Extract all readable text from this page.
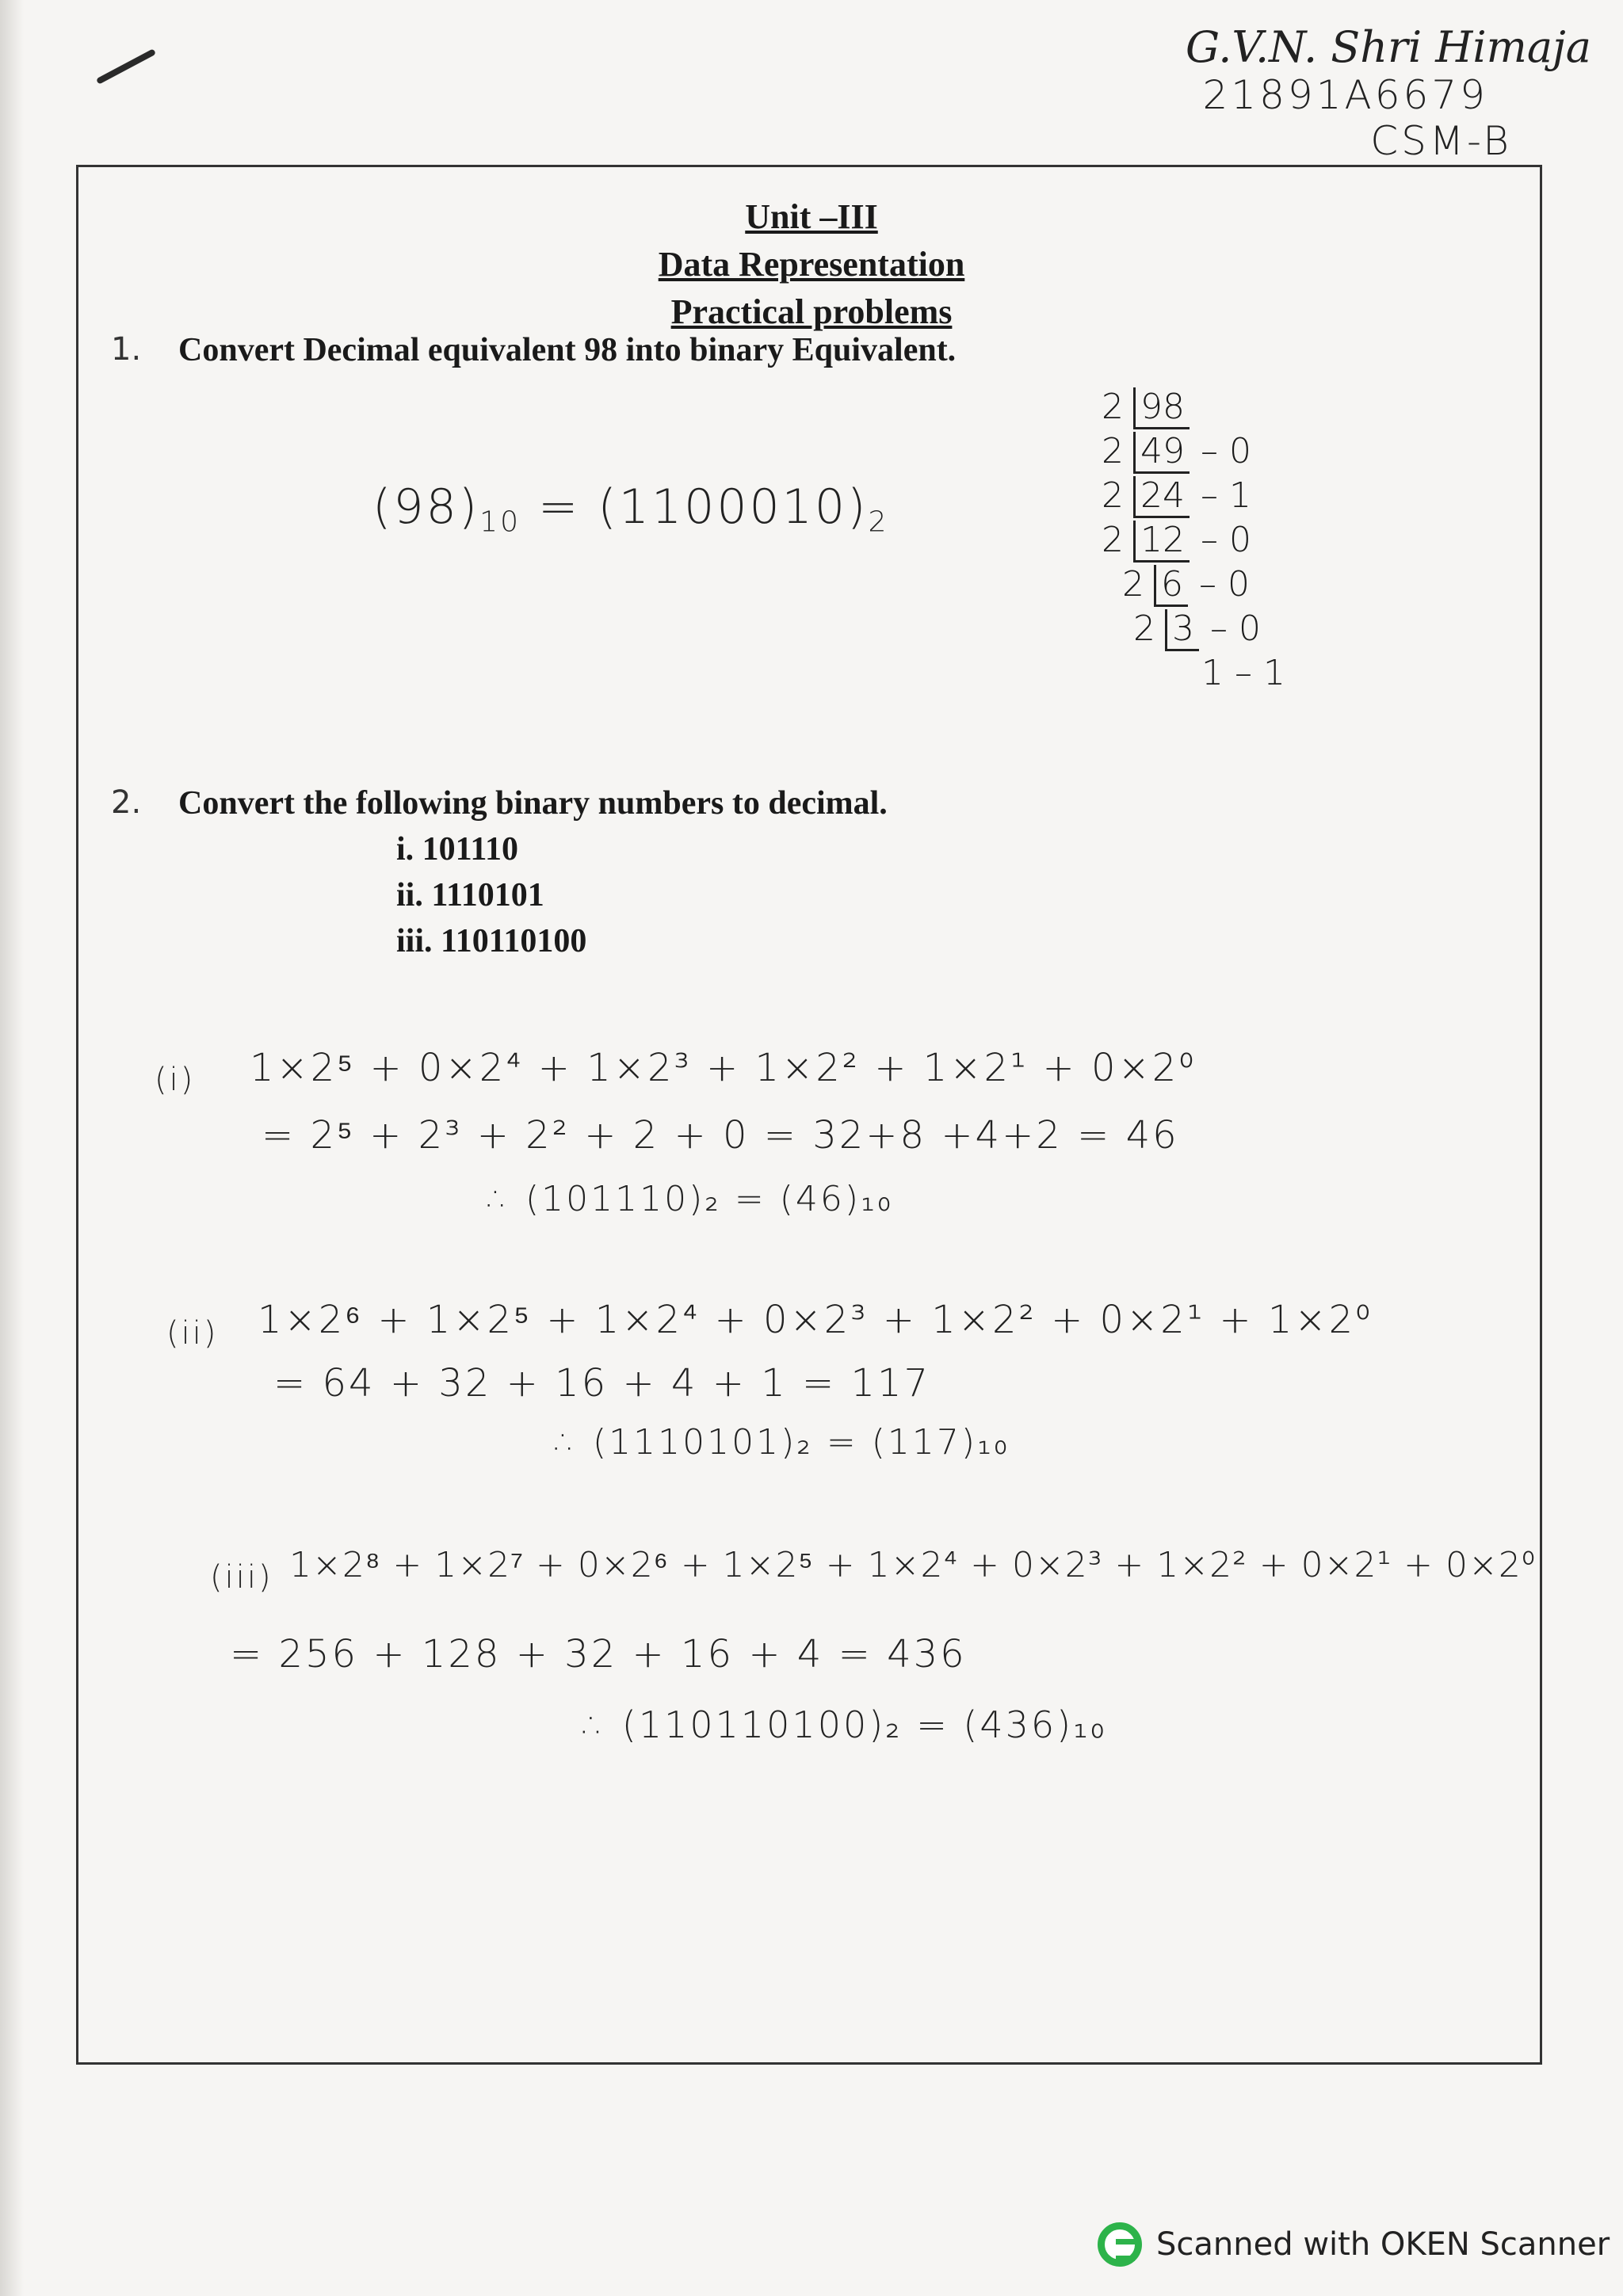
G.V.N. Shri Himaja
21891A6679
CSM-B
Unit –III
Data Representation
Practical problems
1. Convert Decimal equivalent 98 into binary Equivalent.
$(98)_{10} = (1100010)_2$
2 98
2 49 – 0
2 24 – 1
2 12 – 0
2 6 – 0
2 3 – 0
1 – 1
2. Convert the following binary numbers to decimal.
i. 101110
ii. 1110101
iii. 110110100
(i) 1×2⁵ + 0×2⁴ + 1×2³ + 1×2² + 1×2¹ + 0×2⁰
= 2⁵ + 2³ + 2² + 2 + 0 = 32+8 +4+2 = 46
∴ (101110)₂ = (46)₁₀
(ii) 1×2⁶ + 1×2⁵ + 1×2⁴ + 0×2³ + 1×2² + 0×2¹ + 1×2⁰
= 64 + 32 + 16 + 4 + 1 = 117
∴ (1110101)₂ = (117)₁₀
(iii) 1×2⁸ + 1×2⁷ + 0×2⁶ + 1×2⁵ + 1×2⁴ + 0×2³ + 1×2² + 0×2¹ + 0×2⁰
= 256 + 128 + 32 + 16 + 4 = 436
∴ (110110100)₂ = (436)₁₀
Scanned with OKEN Scanner
